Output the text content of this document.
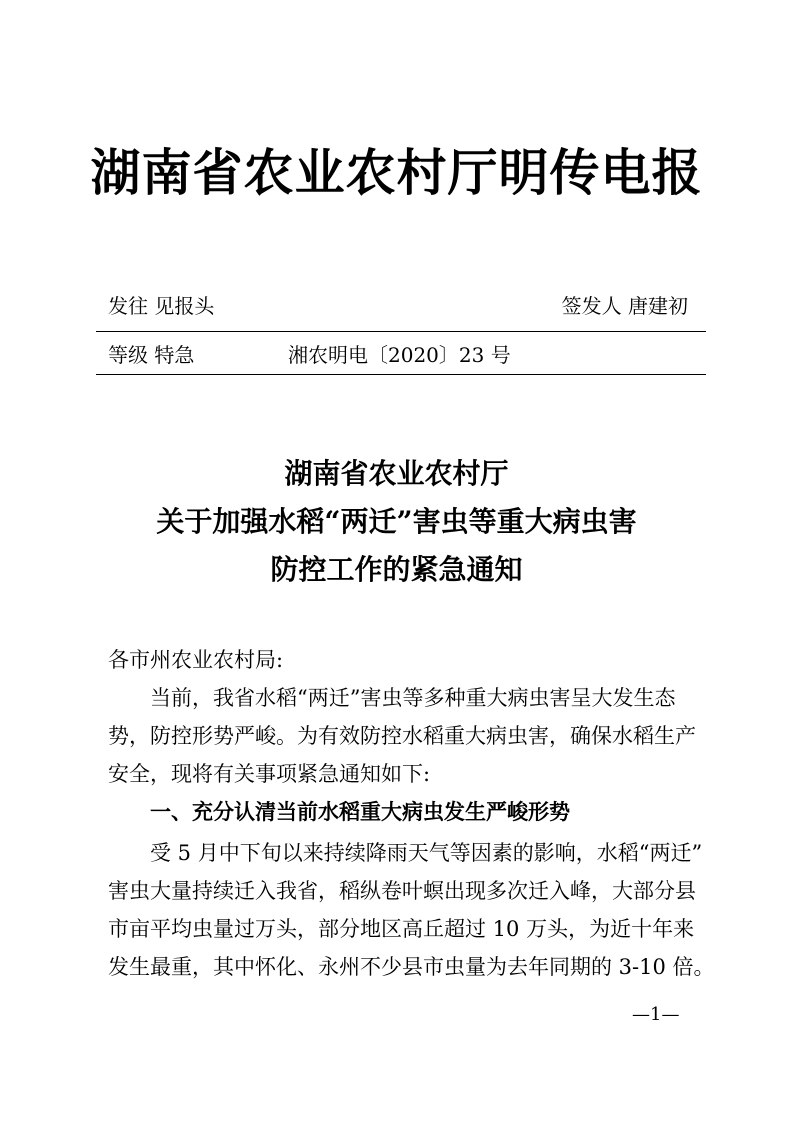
湖南省农业农村厅明传电报
发往 见报头	签发人 唐建初
等级 特急	湘农明电〔2020〕23 号
湖南省农业农村厅
关于加强水稻“两迁”害虫等重大病虫害
防控工作的紧急通知
各市州农业农村局:
当前，我省水稻“两迁”害虫等多种重大病虫害呈大发生态
势，防控形势严峻。为有效防控水稻重大病虫害，确保水稻生产
安全，现将有关事项紧急通知如下:
一、充分认清当前水稻重大病虫发生严峻形势
受 5 月中下旬以来持续降雨天气等因素的影响，水稻“两迁”
害虫大量持续迁入我省，稻纵卷叶螟出现多次迁入峰，大部分县
市亩平均虫量过万头，部分地区高丘超过 10 万头，为近十年来
发生最重，其中怀化、永州不少县市虫量为去年同期的 3-10 倍。
—1—
